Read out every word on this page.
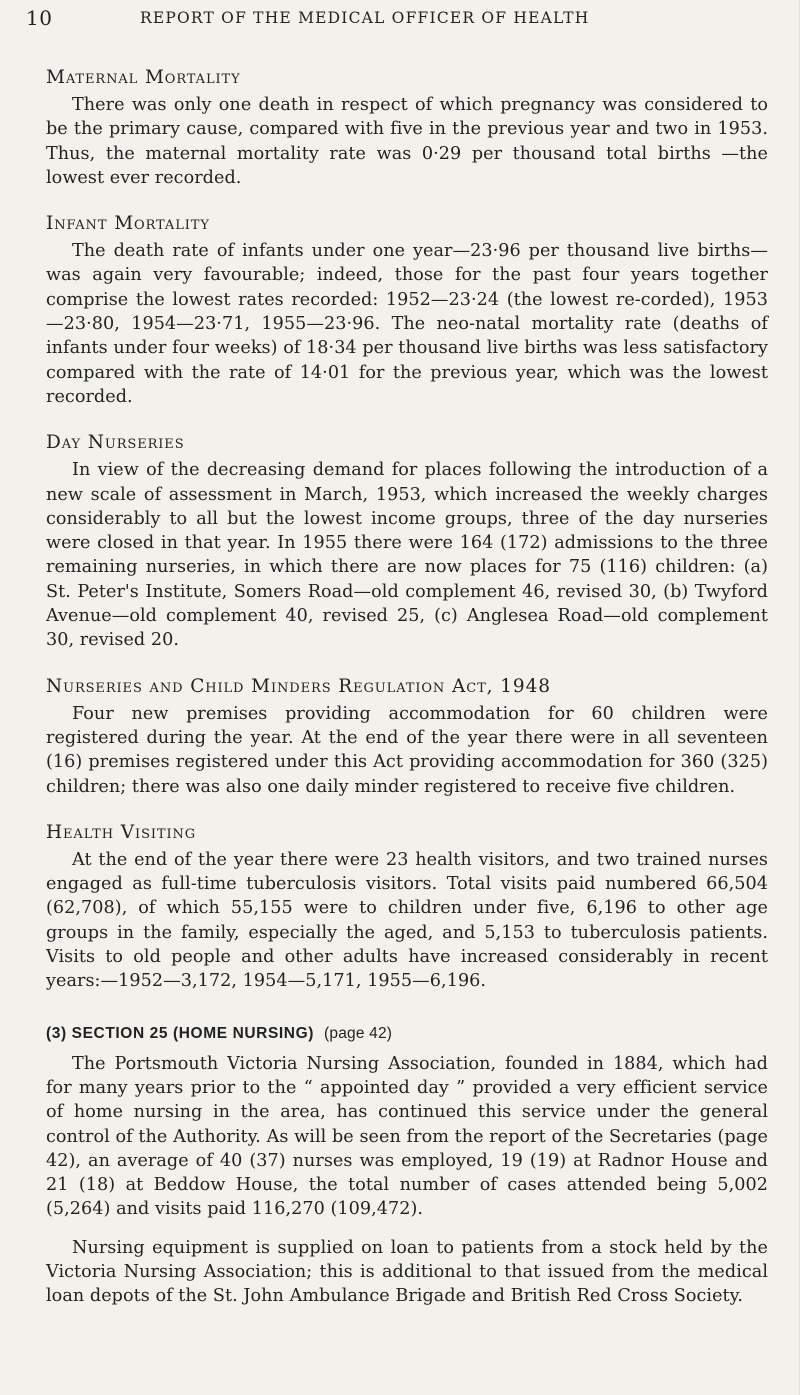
10	REPORT OF THE MEDICAL OFFICER OF HEALTH
Maternal Mortality

There was only one death in respect of which pregnancy was considered to be the primary cause, compared with five in the previous year and two in 1953. Thus, the maternal mortality rate was 0·29 per thousand total births —the lowest ever recorded.

Infant Mortality

The death rate of infants under one year—23·96 per thousand live births—was again very favourable; indeed, those for the past four years together comprise the lowest rates recorded: 1952—23·24 (the lowest re-corded), 1953—23·80, 1954—23·71, 1955—23·96. The neo-natal mortality rate (deaths of infants under four weeks) of 18·34 per thousand live births was less satisfactory compared with the rate of 14·01 for the previous year, which was the lowest recorded.

Day Nurseries

In view of the decreasing demand for places following the introduction of a new scale of assessment in March, 1953, which increased the weekly charges considerably to all but the lowest income groups, three of the day nurseries were closed in that year. In 1955 there were 164 (172) admissions to the three remaining nurseries, in which there are now places for 75 (116) children: (a) St. Peter's Institute, Somers Road—old complement 46, revised 30, (b) Twyford Avenue—old complement 40, revised 25, (c) Anglesea Road—old complement 30, revised 20.

Nurseries and Child Minders Regulation Act, 1948

Four new premises providing accommodation for 60 children were registered during the year. At the end of the year there were in all seventeen (16) premises registered under this Act providing accommodation for 360 (325) children; there was also one daily minder registered to receive five children.

Health Visiting

At the end of the year there were 23 health visitors, and two trained nurses engaged as full-time tuberculosis visitors. Total visits paid numbered 66,504 (62,708), of which 55,155 were to children under five, 6,196 to other age groups in the family, especially the aged, and 5,153 to tuberculosis patients. Visits to old people and other adults have increased considerably in recent years:—1952—3,172, 1954—5,171, 1955—6,196.

(3) SECTION 25 (HOME NURSING) (page 42)

The Portsmouth Victoria Nursing Association, founded in 1884, which had for many years prior to the “ appointed day ” provided a very efficient service of home nursing in the area, has continued this service under the general control of the Authority. As will be seen from the report of the Secretaries (page 42), an average of 40 (37) nurses was employed, 19 (19) at Radnor House and 21 (18) at Beddow House, the total number of cases attended being 5,002 (5,264) and visits paid 116,270 (109,472).

Nursing equipment is supplied on loan to patients from a stock held by the Victoria Nursing Association; this is additional to that issued from the medical loan depots of the St. John Ambulance Brigade and British Red Cross Society.
